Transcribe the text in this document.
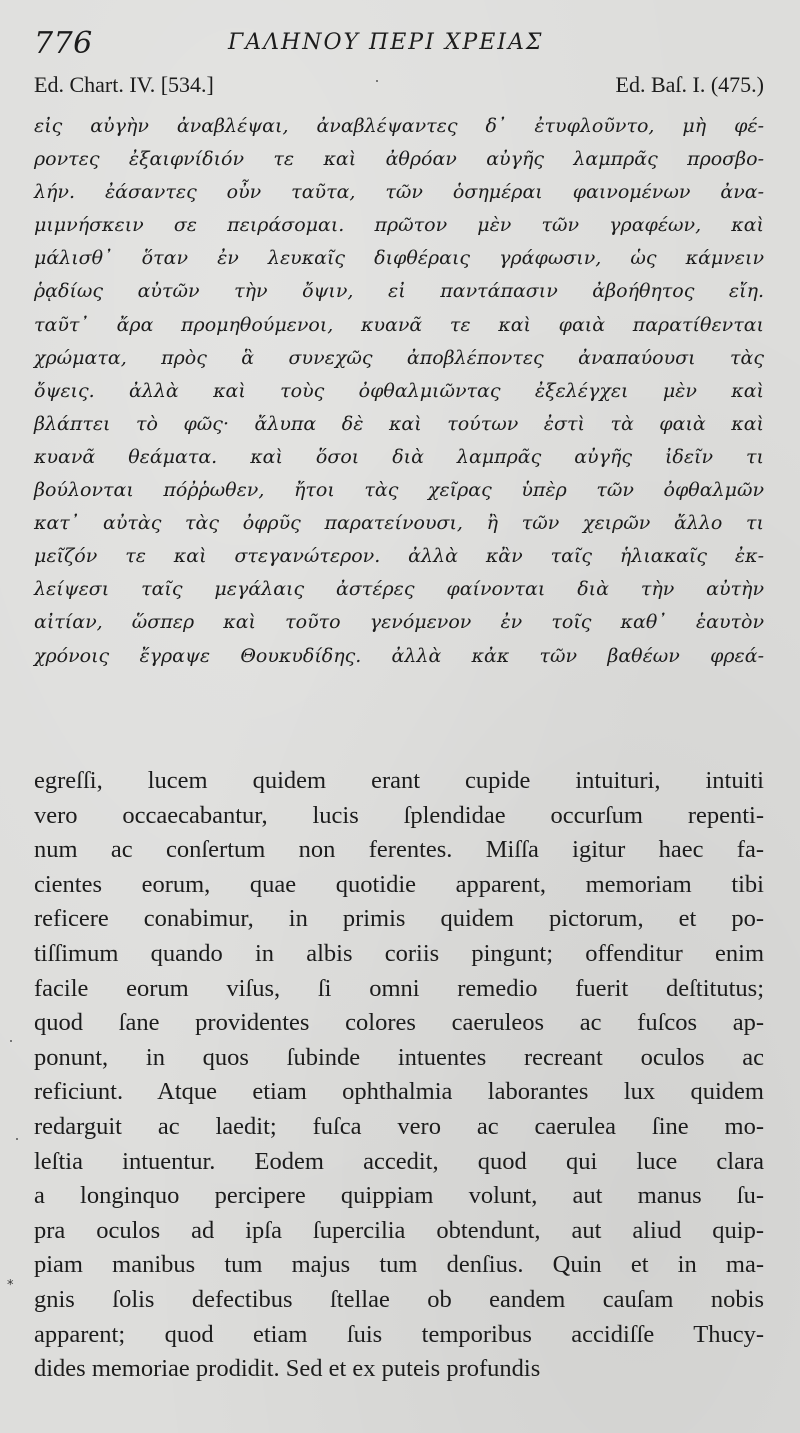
776	ΓΑΛΗΝΟΥ ΠΕΡΙ ΧΡΕΙΑΣ
Ed. Chart. IV. [534.]	Ed. Baſ. I. (475.)
εἰς αὐγὴν ἀναβλέψαι, ἀναβλέψαντες δ᾽ ἐτυφλοῦντο, μὴ φέ-
ροντες ἐξαιφνίδιόν τε καὶ ἀθρόαν αὐγῆς λαμπρᾶς προσβο-
λήν. ἐάσαντες οὖν ταῦτα, τῶν ὁσημέραι φαινομένων ἀνα-
μιμνήσκειν σε πειράσομαι. πρῶτον μὲν τῶν γραφέων, καὶ
μάλισθ᾽ ὅταν ἐν λευκαῖς διφθέραις γράφωσιν, ὡς κάμνειν
ῥᾳδίως αὐτῶν τὴν ὄψιν, εἰ παντάπασιν ἀβοήθητος εἴη.
ταῦτ᾽ ἄρα προμηθούμενοι, κυανᾶ τε καὶ φαιὰ παρατίθενται
χρώματα, πρὸς ἃ συνεχῶς ἀποβλέποντες ἀναπαύουσι τὰς
ὄψεις. ἀλλὰ καὶ τοὺς ὀφθαλμιῶντας ἐξελέγχει μὲν καὶ
βλάπτει τὸ φῶς· ἄλυπα δὲ καὶ τούτων ἐστὶ τὰ φαιὰ καὶ
κυανᾶ θεάματα. καὶ ὅσοι διὰ λαμπρᾶς αὐγῆς ἰδεῖν τι
βούλονται πόῤῥωθεν, ἤτοι τὰς χεῖρας ὑπὲρ τῶν ὀφθαλμῶν
κατ᾽ αὐτὰς τὰς ὀφρῦς παρατείνουσι, ἢ τῶν χειρῶν ἄλλο τι
μεῖζόν τε καὶ στεγανώτερον. ἀλλὰ κἂν ταῖς ἡλιακαῖς ἐκ-
λείψεσι ταῖς μεγάλαις ἀστέρες φαίνονται διὰ τὴν αὐτὴν
αἰτίαν, ὥσπερ καὶ τοῦτο γενόμενον ἐν τοῖς καθ᾽ ἑαυτὸν
χρόνοις ἔγραψε Θουκυδίδης. ἀλλὰ κἀκ τῶν βαθέων φρεά-
egreſſi, lucem quidem erant cupide intuituri, intuiti
vero occaecabantur, lucis ſplendidae occurſum repenti-
num ac conſertum non ferentes. Miſſa igitur haec fa-
cientes eorum, quae quotidie apparent, memoriam tibi
reficere conabimur, in primis quidem pictorum, et po-
tiſſimum quando in albis coriis pingunt; offenditur enim
facile eorum viſus, ſi omni remedio fuerit deſtitutus;
quod ſane providentes colores caeruleos ac fuſcos ap-
ponunt, in quos ſubinde intuentes recreant oculos ac
reficiunt. Atque etiam ophthalmia laborantes lux quidem
redarguit ac laedit; fuſca vero ac caerulea ſine mo-
leſtia intuentur. Eodem accedit, quod qui luce clara
a longinquo percipere quippiam volunt, aut manus ſu-
pra oculos ad ipſa ſupercilia obtendunt, aut aliud quip-
piam manibus tum majus tum denſius. Quin et in ma-
gnis ſolis defectibus ſtellae ob eandem cauſam nobis
apparent; quod etiam ſuis temporibus accidiſſe Thucy-
dides memoriae prodidit. Sed et ex puteis profundis
*
